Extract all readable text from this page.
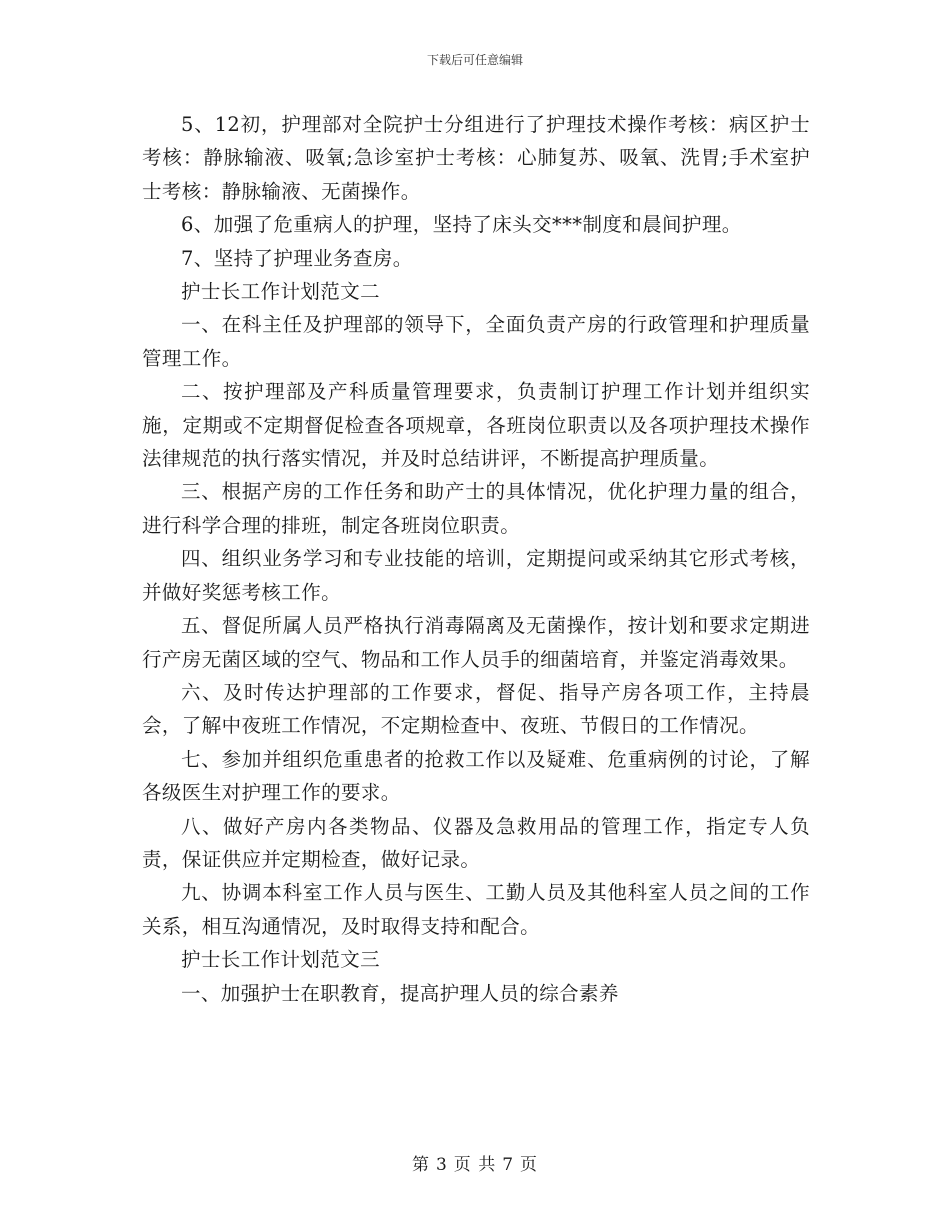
下载后可任意编辑

5、12初，护理部对全院护士分组进行了护理技术操作考核：病区护士考核：静脉输液、吸氧;急诊室护士考核：心肺复苏、吸氧、洗胃;手术室护士考核：静脉输液、无菌操作。

6、加强了危重病人的护理，坚持了床头交***制度和晨间护理。

7、坚持了护理业务查房。

护士长工作计划范文二

一、在科主任及护理部的领导下，全面负责产房的行政管理和护理质量管理工作。

二、按护理部及产科质量管理要求，负责制订护理工作计划并组织实施，定期或不定期督促检查各项规章，各班岗位职责以及各项护理技术操作法律规范的执行落实情况，并及时总结讲评，不断提高护理质量。

三、根据产房的工作任务和助产士的具体情况，优化护理力量的组合，进行科学合理的排班，制定各班岗位职责。

四、组织业务学习和专业技能的培训，定期提问或采纳其它形式考核，并做好奖惩考核工作。

五、督促所属人员严格执行消毒隔离及无菌操作，按计划和要求定期进行产房无菌区域的空气、物品和工作人员手的细菌培育，并鉴定消毒效果。

六、及时传达护理部的工作要求，督促、指导产房各项工作，主持晨会，了解中夜班工作情况，不定期检查中、夜班、节假日的工作情况。

七、参加并组织危重患者的抢救工作以及疑难、危重病例的讨论，了解各级医生对护理工作的要求。

八、做好产房内各类物品、仪器及急救用品的管理工作，指定专人负责，保证供应并定期检查，做好记录。

九、协调本科室工作人员与医生、工勤人员及其他科室人员之间的工作关系，相互沟通情况，及时取得支持和配合。

护士长工作计划范文三

一、加强护士在职教育，提高护理人员的综合素养

第 3 页 共 7 页
